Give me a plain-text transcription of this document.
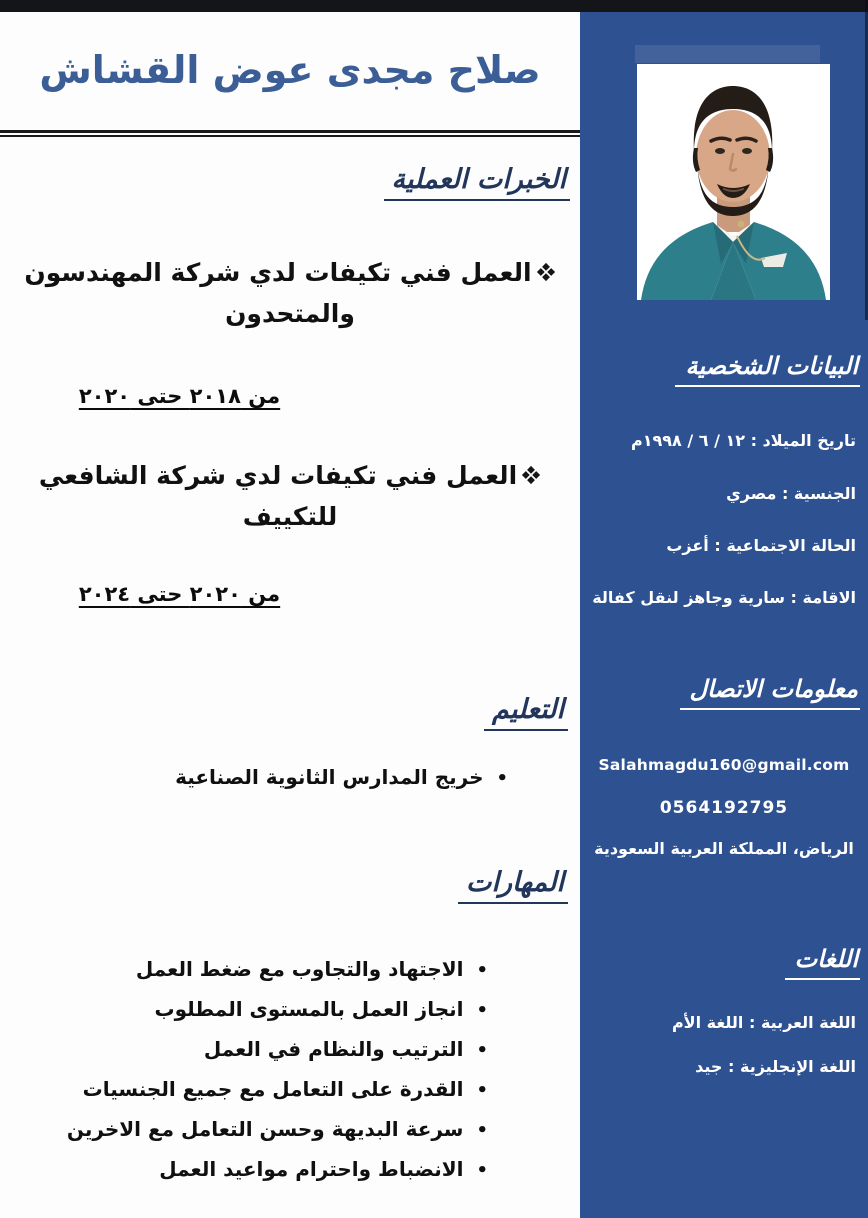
صلاح مجدى عوض القشاش
الخبرات العملية

العمل فني تكيفات لدي شركة المهندسون والمتحدون

من ٢٠١٨ حتى ٢٠٢٠

العمل فني تكيفات لدي شركة الشافعي للتكييف

من ٢٠٢٠ حتى ٢٠٢٤

التعليم
• خريج المدارس الثانوية الصناعية
المهارات
• الاجتهاد والتجاوب مع ضغط العمل
• انجاز العمل بالمستوى المطلوب
• الترتيب والنظام في العمل
• القدرة على التعامل مع جميع الجنسيات
• سرعة البديهة وحسن التعامل مع الاخرين
• الانضباط واحترام مواعيد العمل
البيانات الشخصية

تاريخ الميلاد : ١٢ / ٦ / ١٩٩٨م

الجنسية : مصري

الحالة الاجتماعية : أعزب

الاقامة : سارية وجاهز لنقل كفالة

معلومات الاتصال

Salahmagdu160@gmail.com

0564192795

الرياض، المملكة العربية السعودية

اللغات

اللغة العربية : اللغة الأم

اللغة الإنجليزية : جيد
